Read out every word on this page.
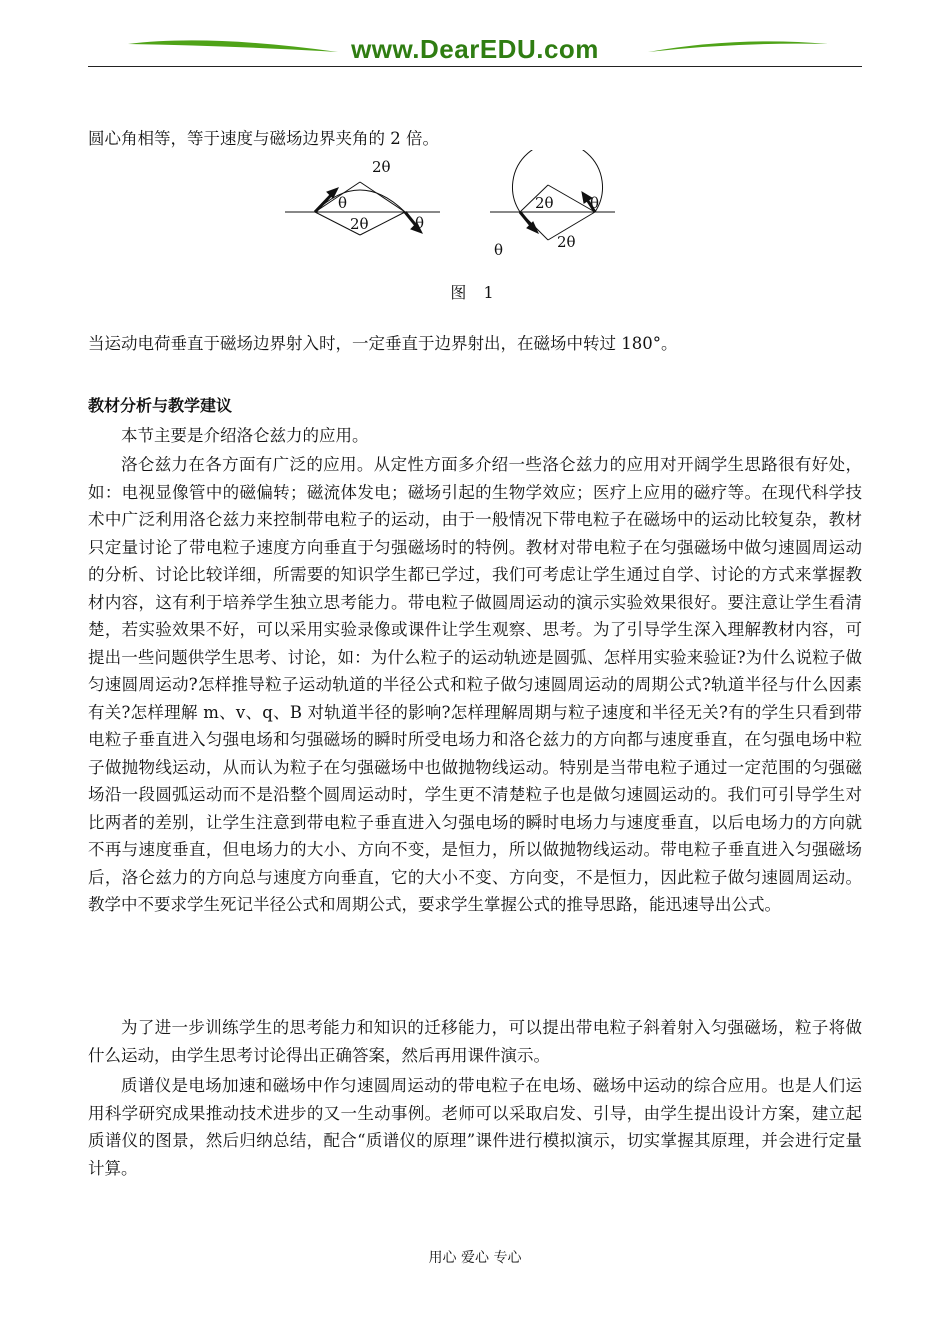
www.DearEDU.com

圆心角相等，等于速度与磁场边界夹角的 2 倍。

2θ
θ
2θ	θ
2θ θ
2θ
θ
图 1

当运动电荷垂直于磁场边界射入时，一定垂直于边界射出，在磁场中转过 180°。

教材分析与教学建议

本节主要是介绍洛仑兹力的应用。

洛仑兹力在各方面有广泛的应用。从定性方面多介绍一些洛仑兹力的应用对开阔学生思路很有好处，如：电视显像管中的磁偏转；磁流体发电；磁场引起的生物学效应；医疗上应用的磁疗等。在现代科学技术中广泛利用洛仑兹力来控制带电粒子的运动，由于一般情况下带电粒子在磁场中的运动比较复杂，教材只定量讨论了带电粒子速度方向垂直于匀强磁场时的特例。教材对带电粒子在匀强磁场中做匀速圆周运动的分析、讨论比较详细，所需要的知识学生都已学过，我们可考虑让学生通过自学、讨论的方式来掌握教材内容，这有利于培养学生独立思考能力。带电粒子做圆周运动的演示实验效果很好。要注意让学生看清楚，若实验效果不好，可以采用实验录像或课件让学生观察、思考。为了引导学生深入理解教材内容，可提出一些问题供学生思考、讨论，如：为什么粒子的运动轨迹是圆弧、怎样用实验来验证?为什么说粒子做匀速圆周运动?怎样推导粒子运动轨道的半径公式和粒子做匀速圆周运动的周期公式?轨道半径与什么因素有关?怎样理解 m、v、q、B 对轨道半径的影响?怎样理解周期与粒子速度和半径无关?有的学生只看到带电粒子垂直进入匀强电场和匀强磁场的瞬时所受电场力和洛仑兹力的方向都与速度垂直，在匀强电场中粒子做抛物线运动，从而认为粒子在匀强磁场中也做抛物线运动。特别是当带电粒子通过一定范围的匀强磁场沿一段圆弧运动而不是沿整个圆周运动时，学生更不清楚粒子也是做匀速圆运动的。我们可引导学生对比两者的差别，让学生注意到带电粒子垂直进入匀强电场的瞬时电场力与速度垂直，以后电场力的方向就不再与速度垂直，但电场力的大小、方向不变，是恒力，所以做抛物线运动。带电粒子垂直进入匀强磁场后，洛仑兹力的方向总与速度方向垂直，它的大小不变、方向变，不是恒力，因此粒子做匀速圆周运动。教学中不要求学生死记半径公式和周期公式，要求学生掌握公式的推导思路，能迅速导出公式。

为了进一步训练学生的思考能力和知识的迁移能力，可以提出带电粒子斜着射入匀强磁场，粒子将做什么运动，由学生思考讨论得出正确答案，然后再用课件演示。

质谱仪是电场加速和磁场中作匀速圆周运动的带电粒子在电场、磁场中运动的综合应用。也是人们运用科学研究成果推动技术进步的又一生动事例。老师可以采取启发、引导，由学生提出设计方案，建立起质谱仪的图景，然后归纳总结，配合“质谱仪的原理”课件进行模拟演示，切实掌握其原理，并会进行定量计算。

用心 爱心 专心
